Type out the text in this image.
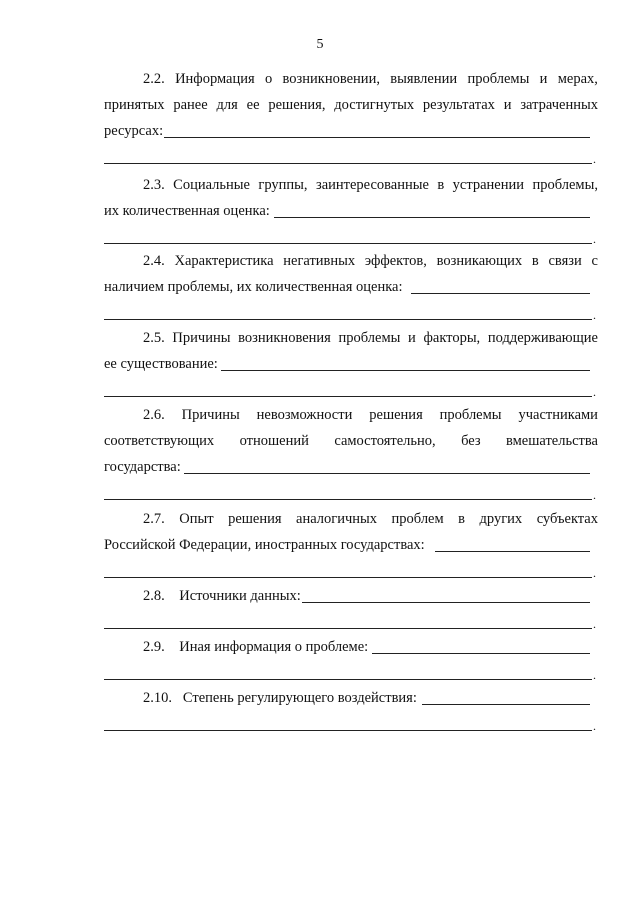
5
2.2. Информация о возникновении, выявлении проблемы и мерах,
принятых ранее для ее решения, достигнутых результатах и затраченных
ресурсах:
.
2.3. Социальные группы, заинтересованные в устранении проблемы,
их количественная оценка:
.
2.4. Характеристика негативных эффектов, возникающих в связи с
наличием проблемы, их количественная оценка:
.
2.5. Причины возникновения проблемы и факторы, поддерживающие
ее существование:
.
2.6. Причины невозможности решения проблемы участниками
соответствующих отношений самостоятельно, без вмешательства
государства:
.
2.7. Опыт решения аналогичных проблем в других субъектах
Российской Федерации, иностранных государствах:
.
2.8. Источники данных:
.
2.9. Иная информация о проблеме:
.
2.10. Степень регулирующего воздействия:
.
